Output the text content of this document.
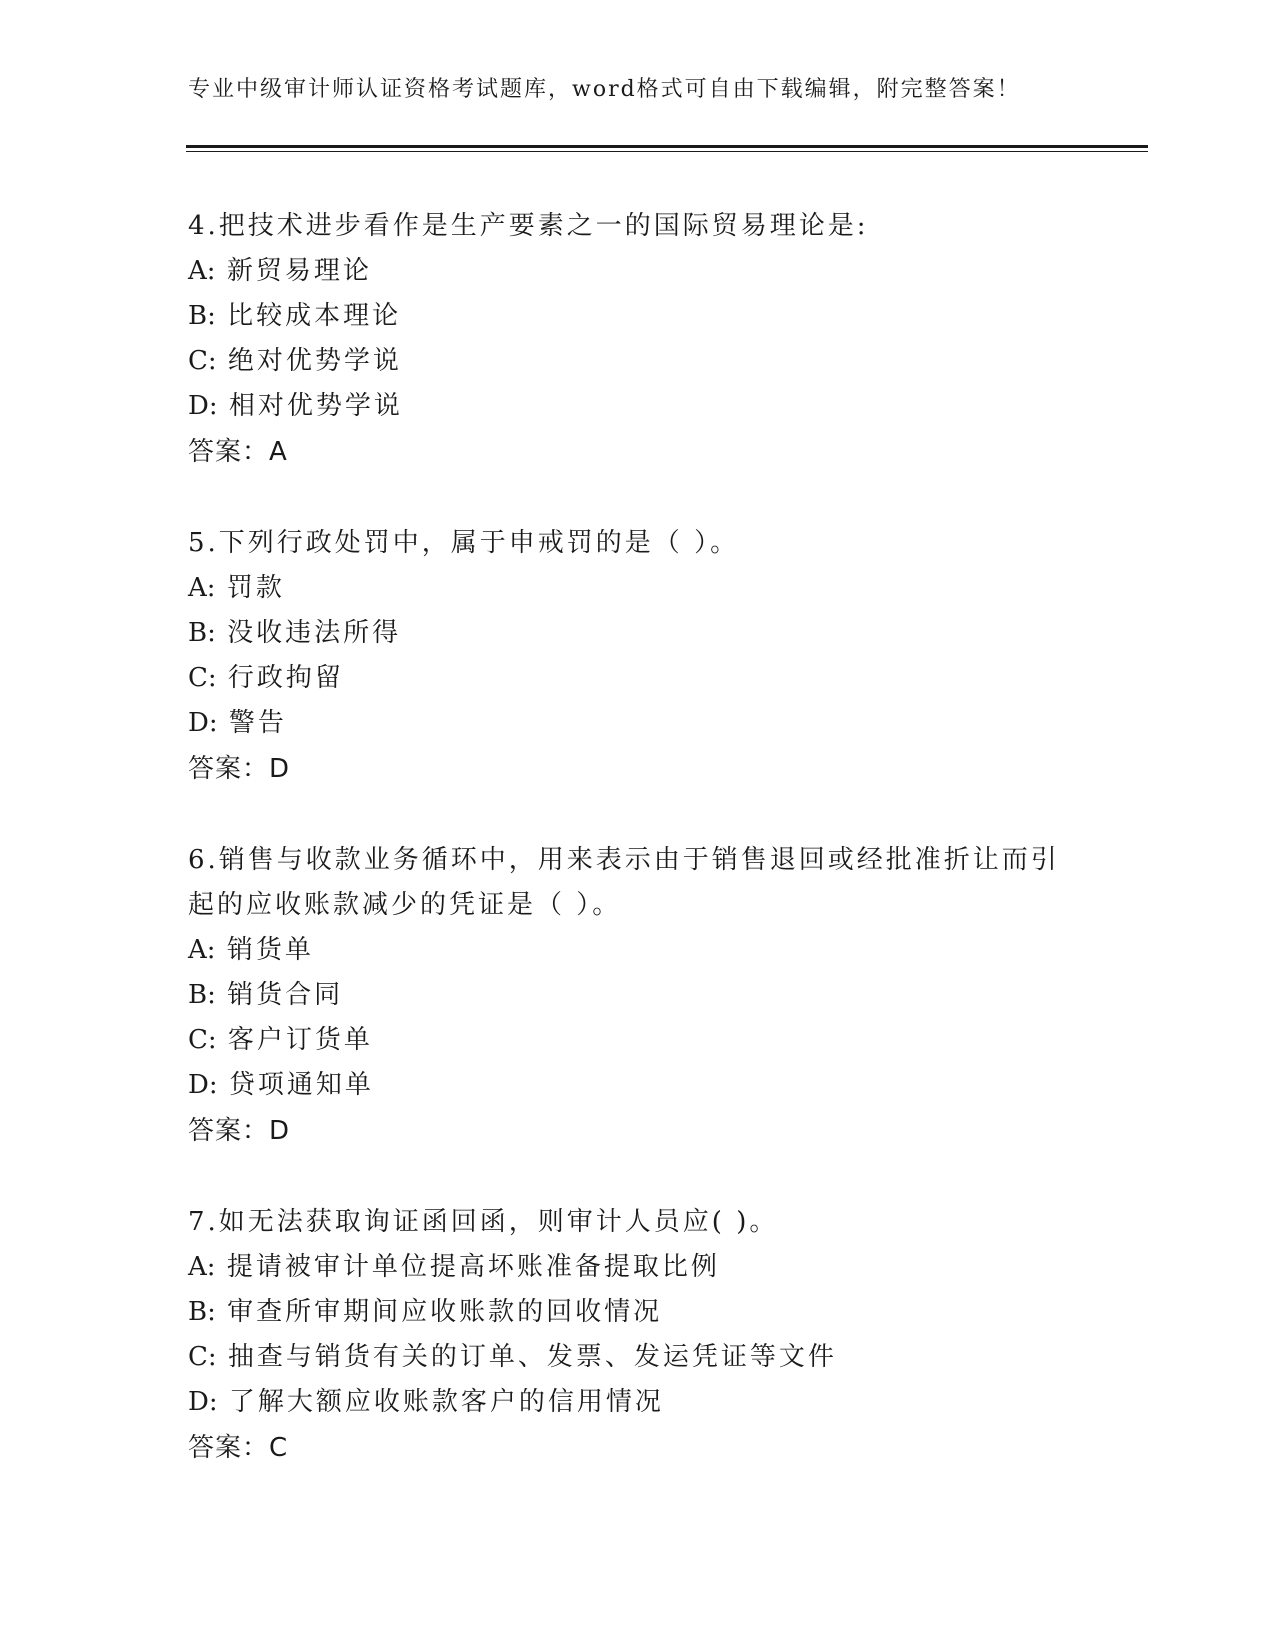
专业中级审计师认证资格考试题库，word格式可自由下载编辑，附完整答案！
4.把技术进步看作是生产要素之一的国际贸易理论是:
A: 新贸易理论
B: 比较成本理论
C: 绝对优势学说
D: 相对优势学说
答案：A
5.下列行政处罚中，属于申戒罚的是（ ）。
A: 罚款
B: 没收违法所得
C: 行政拘留
D: 警告
答案：D
6.销售与收款业务循环中，用来表示由于销售退回或经批准折让而引
起的应收账款减少的凭证是（ ）。
A: 销货单
B: 销货合同
C: 客户订货单
D: 贷项通知单
答案：D
7.如无法获取询证函回函，则审计人员应( )。
A: 提请被审计单位提高坏账准备提取比例
B: 审查所审期间应收账款的回收情况
C: 抽查与销货有关的订单、发票、发运凭证等文件
D: 了解大额应收账款客户的信用情况
答案：C
